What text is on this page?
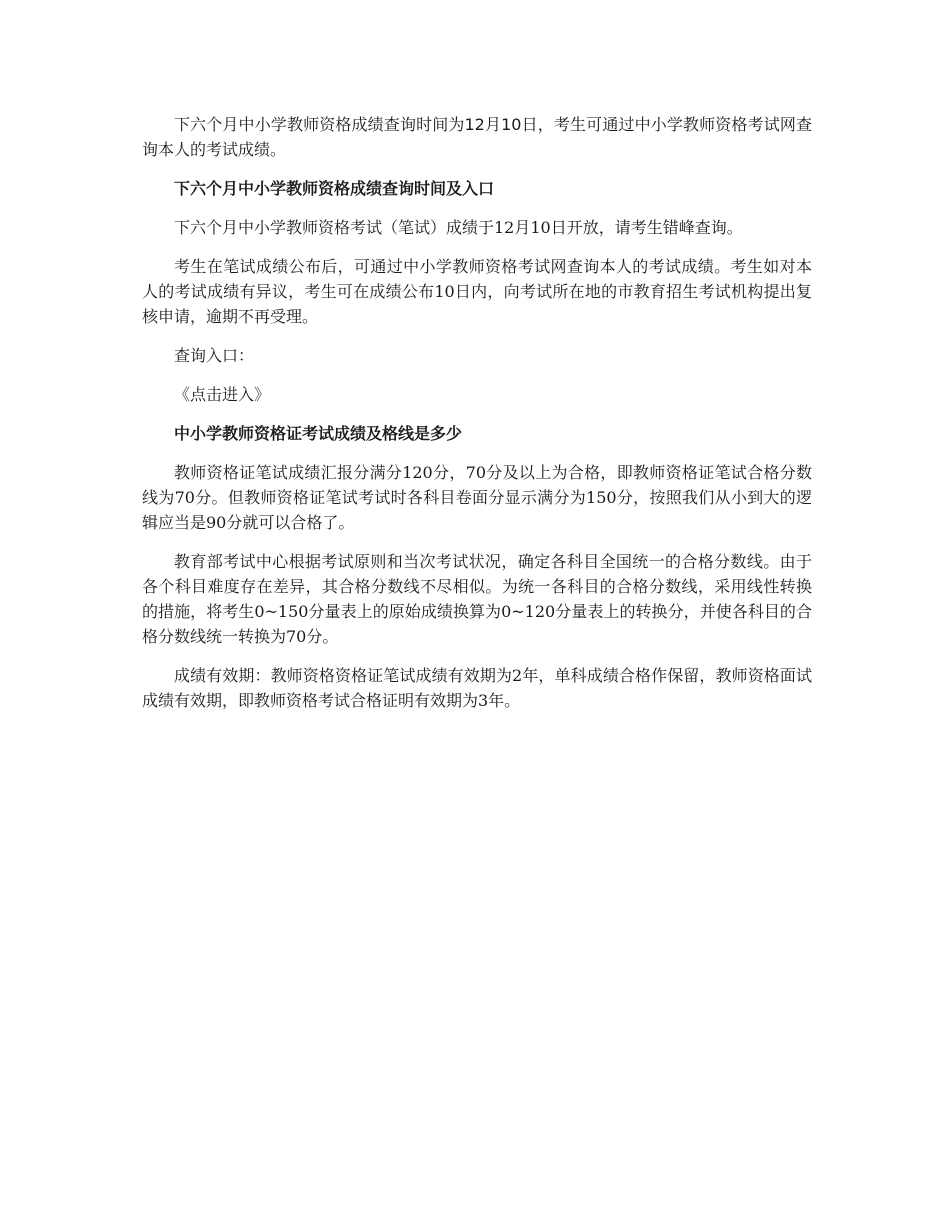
下六个月中小学教师资格成绩查询时间为12月10日，考生可通过中小学教师资格考试网查询本人的考试成绩。

下六个月中小学教师资格成绩查询时间及入口

下六个月中小学教师资格考试（笔试）成绩于12月10日开放，请考生错峰查询。

考生在笔试成绩公布后，可通过中小学教师资格考试网查询本人的考试成绩。考生如对本人的考试成绩有异议，考生可在成绩公布10日内，向考试所在地的市教育招生考试机构提出复核申请，逾期不再受理。

查询入口：

《点击进入》

中小学教师资格证考试成绩及格线是多少

教师资格证笔试成绩汇报分满分120分，70分及以上为合格，即教师资格证笔试合格分数线为70分。但教师资格证笔试考试时各科目卷面分显示满分为150分，按照我们从小到大的逻辑应当是90分就可以合格了。

教育部考试中心根据考试原则和当次考试状况，确定各科目全国统一的合格分数线。由于各个科目难度存在差异，其合格分数线不尽相似。为统一各科目的合格分数线，采用线性转换的措施，将考生0~150分量表上的原始成绩换算为0~120分量表上的转换分，并使各科目的合格分数线统一转换为70分。

成绩有效期：教师资格资格证笔试成绩有效期为2年，单科成绩合格作保留，教师资格面试成绩有效期，即教师资格考试合格证明有效期为3年。
